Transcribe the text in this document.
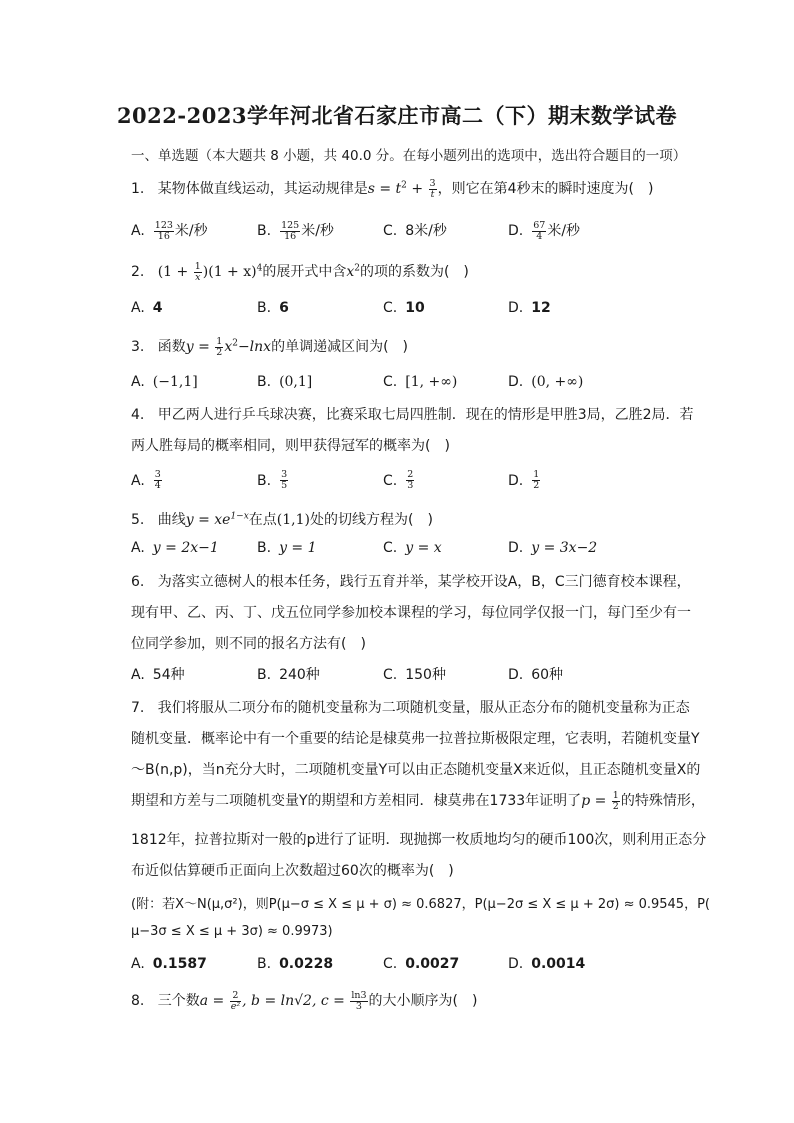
2022-2023学年河北省石家庄市高二（下）期末数学试卷
一、单选题（本大题共 8 小题，共 40.0 分。在每小题列出的选项中，选出符合题目的一项）
1. 某物体做直线运动，其运动规律是$s = t^2 + \frac{3}{t}$ ，则它在第4秒末的瞬时速度为(　)
A. $\frac{123}{16}$ 米/秒	B. $\frac{125}{16}$ 米/秒	C. 8米/秒	D. $\frac{67}{4}$ 米/秒
2. $(1 + \frac{1}{x} )(1 + x)^4$的展开式中含$x^2$的项的系数为(　)
A. 4	B. 6	C. 10	D. 12
3. 函数$y = \frac{1}{2} x^2-\ln x$的单调递减区间为(　)
A. (−1,1]	B. (0,1]	C. [1, +∞)	D. (0, +∞)
4. 甲乙两人进行乒乓球决赛，比赛采取七局四胜制．现在的情形是甲胜3局，乙胜2局．若
两人胜每局的概率相同，则甲获得冠军的概率为(　)
A. $\frac{3}{4}$	B. $\frac{3}{5}$	C. $\frac{2}{3}$	D. $\frac{1}{2}$
5. 曲线$y = xe^{1-x}$在点(1,1)处的切线方程为(　)
A. y = 2x−1	B. y = 1	C. y = x	D. y = 3x−2
6. 为落实立德树人的根本任务，践行五育并举，某学校开设A，B，C三门德育校本课程，
现有甲、乙、丙、丁、戊五位同学参加校本课程的学习，每位同学仅报一门，每门至少有一
位同学参加，则不同的报名方法有(　)
A. 54种	B. 240种	C. 150种	D. 60种
7. 我们将服从二项分布的随机变量称为二项随机变量，服从正态分布的随机变量称为正态
随机变量．概率论中有一个重要的结论是棣莫弗一拉普拉斯极限定理，它表明，若随机变量Y
～B(n,p)，当n充分大时，二项随机变量Y可以由正态随机变量X来近似，且正态随机变量X的
期望和方差与二项随机变量Y的期望和方差相同．棣莫弗在1733年证明了$p = \frac{1}{2}$ 的特殊情形，
1812年，拉普拉斯对一般的p进行了证明．现抛掷一枚质地均匀的硬币100次，则利用正态分
布近似估算硬币正面向上次数超过60次的概率为(　)
(附：若X～N(μ,σ²)，则P(μ−σ ≤ X ≤ μ + σ) ≈ 0.6827，P(μ−2σ ≤ X ≤ μ + 2σ) ≈ 0.9545，P(
μ−3σ ≤ X ≤ μ + 3σ) ≈ 0.9973)
A. 0.1587	B. 0.0228	C. 0.0027	D. 0.0014
8. 三个数$a = \frac{2}{\text{e²}}$ , b = ln√2, $c = \frac{\ln 3}{3}$ 的大小顺序为(　)
